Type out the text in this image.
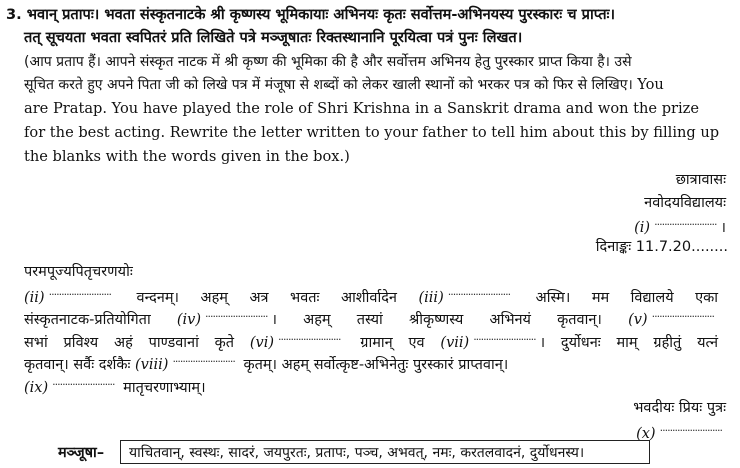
3. भवान् प्रतापः। भवता संस्कृतनाटके श्री कृष्णस्य भूमिकायाः अभिनयः कृतः सर्वोत्तम-अभिनयस्य पुरस्कारः च प्राप्तः।
तत् सूचयता भवता स्वपितरं प्रति लिखिते पत्रे मञ्जूषातः रिक्तस्थानानि पूरयित्वा पत्रं पुनः लिखत।
(आप प्रताप हैं। आपने संस्कृत नाटक में श्री कृष्ण की भूमिका की है और सर्वोत्तम अभिनय हेतु पुरस्कार प्राप्त किया है। उसे
सूचित करते हुए अपने पिता जी को लिखे पत्र में मंजूषा से शब्दों को लेकर खाली स्थानों को भरकर पत्र को फिर से लिखिए। You
are Pratap. You have played the role of Shri Krishna in a Sanskrit drama and won the prize
for the best acting. Rewrite the letter written to your father to tell him about this by filling up
the blanks with the words given in the box.)
छात्रावासः
नवोदयविद्यालयः
(i) ························· ।
दिनाङ्कः 11.7.20........
परमपूज्यपितृचरणयोः
(ii) ························· वन्दनम्। अहम् अत्र भवतः आशीर्वादेन (iii) ························· अस्मि। मम विद्यालये एका
संस्कृतनाटक-प्रतियोगिता (iv) ························· । अहम् तस्यां श्रीकृष्णस्य अभिनयं कृतवान्। (v) ·························
सभां प्रविश्य अहं पाण्डवानां कृते (vi) ························· ग्रामान् एव (vii) ························· । दुर्योधनः माम् ग्रहीतुं यत्नं
कृतवान्। सर्वैः दर्शकैः (viii) ························· कृतम्। अहम् सर्वोत्कृष्ट-अभिनेतुः पुरस्कारं प्राप्तवान्।
(ix) ························· मातृचरणाभ्याम्।
भवदीयः प्रियः पुत्रः
(x) ·························
मञ्जूषा–	याचितवान्, स्वस्थः, सादरं, जयपुरतः, प्रतापः, पञ्च, अभवत्, नमः, करतलवादनं, दुर्योधनस्य।
